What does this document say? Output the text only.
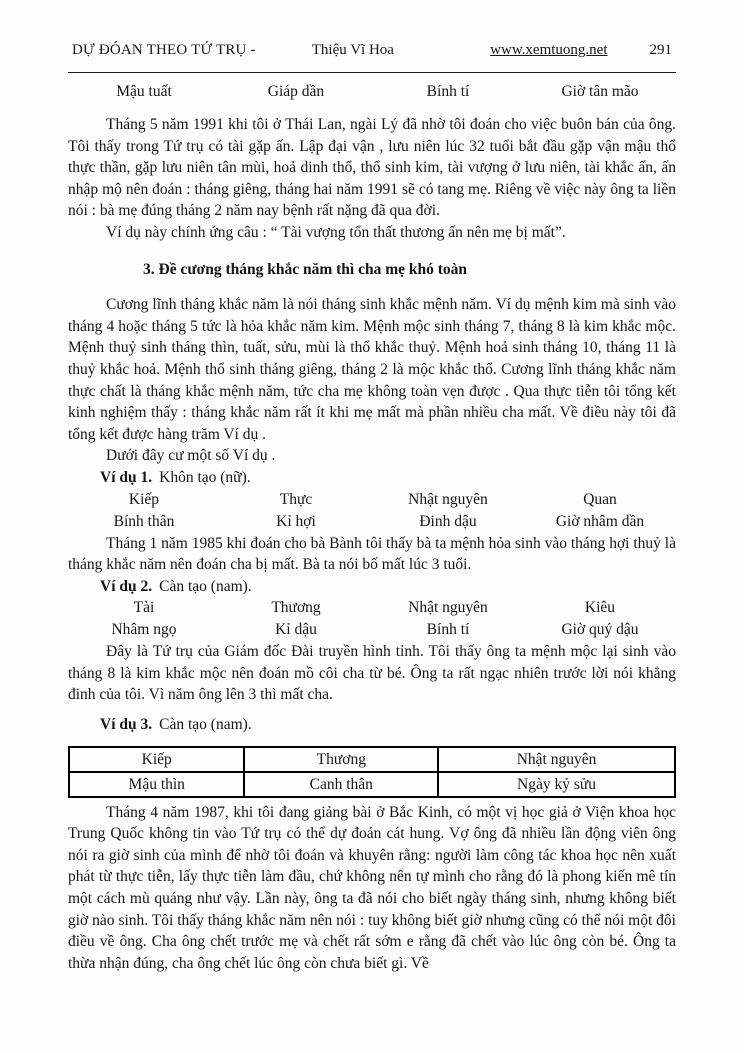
DỰ ĐÓAN THEO TỨ TRỤ -	Thiệu Vĩ Hoa	www.xemtuong.net	291
Mậu tuất	Giáp dần	Bính tí	Giờ tân mão

Tháng 5 năm 1991 khi tôi ở Thái Lan, ngài Lý đã nhờ tôi đoán cho việc buôn bán của ông. Tôi thấy trong Tứ trụ có tài gặp ấn. Lập đại vận , lưu niên lúc 32 tuổi bắt đầu gặp vận mậu thổ thực thần, gặp lưu niên tân mùi, hoả dinh thổ, thổ sinh kim, tài vượng ở lưu niên, tài khắc ấn, ấn nhập mộ nên đoán : tháng giêng, tháng hai năm 1991 sẽ có tang mẹ. Riêng về việc này ông ta liền nói : bà mẹ đúng tháng 2 năm nay bệnh rất nặng đã qua đời.

Ví dụ này chính ứng câu : “ Tài vượng tổn thất thương ấn nên mẹ bị mất”.

3. Đề cương tháng khắc năm thì cha mẹ khó toàn

Cương lĩnh tháng khắc năm là nói tháng sinh khắc mệnh năm. Ví dụ mệnh kim mà sinh vào tháng 4 hoặc tháng 5 tức là hỏa khắc năm kim. Mệnh mộc sinh tháng 7, tháng 8 là kim khắc mộc. Mệnh thuỷ sinh tháng thìn, tuất, sửu, mùi là thổ khắc thuỷ. Mệnh hoả sinh tháng 10, tháng 11 là thuỷ khắc hoả. Mệnh thổ sinh tháng giêng, tháng 2 là mộc khắc thổ. Cương lĩnh tháng khắc năm thực chất là tháng khắc mệnh năm, tức cha mẹ không toàn vẹn được . Qua thực tiễn tôi tổng kết kinh nghiệm thấy : tháng khắc năm rất ít khi mẹ mất mà phần nhiều cha mất. Về điều này tôi đã tổng kết được hàng trăm Ví dụ .

Dưới đây cư một số Ví dụ .

Ví dụ 1. Khôn tạo (nữ).

Kiếp	Thực	Nhật nguyên	Quan
Bính thân	Kỉ hợi	Đinh dậu	Giờ nhâm dần

Tháng 1 năm 1985 khi đoán cho bà Bành tôi thấy bà ta mệnh hỏa sinh vào tháng hợi thuỷ là tháng khắc năm nên đoán cha bị mất. Bà ta nói bố mất lúc 3 tuổi.

Ví dụ 2. Càn tạo (nam).

Tài	Thương	Nhật nguyên	Kiêu
Nhâm ngọ	Kỉ dậu	Bính tí	Giờ quý dậu

Đây là Tứ trụ của Giám đốc Đài truyền hình tỉnh. Tôi thấy ông ta mệnh mộc lại sinh vào tháng 8 là kim khắc mộc nên đoán mồ côi cha từ bé. Ông ta rất ngạc nhiên trước lời nói khẳng đinh của tôi. Vì năm ông lên 3 thì mất cha.

Ví dụ 3. Càn tạo (nam).

Kiếp	Thương	Nhật nguyên
Mậu thìn	Canh thân	Ngày kỷ sửu

Tháng 4 năm 1987, khi tôi đang giảng bài ở Bắc Kinh, có một vị học giả ở Viện khoa học Trung Quốc không tin vào Tứ trụ có thể dự đoán cát hung. Vợ ông đã nhiều lần động viên ông nói ra giờ sinh của mình để nhờ tôi đoán và khuyên rằng: người làm công tác khoa học nên xuất phát từ thực tiễn, lấy thực tiễn làm đầu, chứ không nên tự mình cho rằng đó là phong kiến mê tín một cách mù quáng như vậy. Lần này, ông ta đã nói cho biết ngày tháng sinh, nhưng không biết giờ nào sinh. Tôi thấy tháng khắc năm nên nói : tuy không biết giờ nhưng cũng có thể nói một đôi điều về ông. Cha ông chết trước mẹ và chết rất sớm e rằng đã chết vào lúc ông còn bé. Ông ta thừa nhận đúng, cha ông chết lúc ông còn chưa biết gì. Về
